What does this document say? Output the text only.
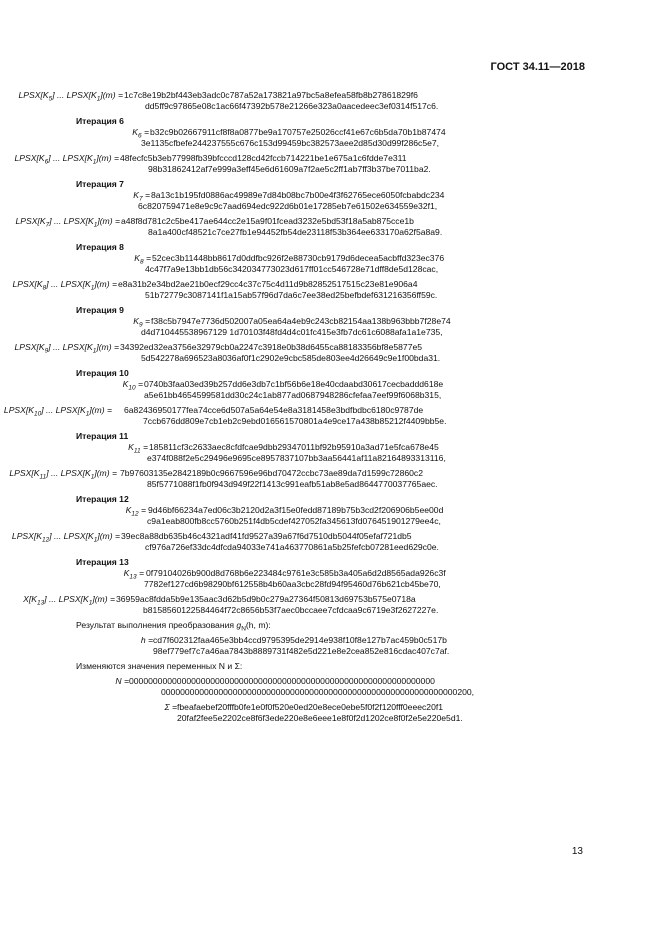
ГОСТ 34.11—2018
$LPSX[K_5]$ ... $LPSX[K_1](m)$ = 1c7c8e19b2bf443eb3adc0c787a52a173821a97bc5a8efea58fb8b27861829f6
dd5ff9c97865e08c1ac66f47392b578e21266e323a0aacedeec3ef0314f517c6.
Итерация 6
$K_6 = b32c9b02667911cf8f8a0877be9a170757e25026ccf41e67c6b5da70b1b87474$
3e1135cfbefe244237555c676c153d99459bc382573aee2d85d30d99f286c5e7,
$LPSX[K_6]$ ... $LPSX[K_1](m)$ = 48fecfc5b3eb77998fb39bfcccd128cd42fccb714221be1e675a1c6fdde7e311
98b31862412af7e999a3eff45e6d61609a7f2ae5c2ff1ab7ff3b37be7011ba2.
Итерация 7
$K_7$ = 8a13c1b195fd0886ac49989e7d84b08bc7b00e4f3f62765ece6050fcbabdc234
6c820759471e8e9c9c7aad694edc922d6b01e17285eb7e61502e634559e32f1,
$LPSX[K_7]$ ... $LPSX[K_1](m)$ = a48f8d781c2c5be417ae644cc2e15a9f01fcead3232e5bd53f18a5ab875cce1b
8a1a400cf48521c7ce27fb1e94452fb54de23118f53b364ee633170a62f5a8a9.
Итерация 8
$K_8$ = 52cec3b11448bb8617d0ddfbc926f2e88730cb9179d6decea5acbffd323ec376
4c47f7a9e13bb1db56c342034773023d617ff01cc546728e71dff8de5d128cac,
$LPSX[K_8]$ ... $LPSX[K_1](m) = e8a31b2e34bd2ae21b0ecf29cc4c37c75c4d11d9b82852517515c23e81e906a4$
51b72779c3087141f1a15ab57f96d7da6c7ee38ed25befbdef631216356ff59c.
Итерация 9
$K_9 = f38c5b7947e7736d502007a05ea64a4eb9c243cb82154aa138b963bbb7f28e74$
d4d710445538967129 1d70103f48fd4d4c01fc415e3fb7dc61c6088afa1a1e735,
$LPSX[K_9]$ ... $LPSX[K_1](m) = 34392ed32ea3756e32979cb0a2247c3918e0b38d6455ca88183356bf8e5877e5$
5d542278a696523a8036af0f1c2902e9cbc585de803ee4d26649c9e1f00bda31.
Итерация 10
$K_{10}$ = 0740b3faa03ed39b257dd6e3db7c1bf56b6e18e40cdaabd30617cecbaddd618e
a5e61bb4654599581dd30c24c1ab877ad0687948286cfefaa7eef99f6068b315,
$LPSX[K_{10}]$ ... $LPSX[K_1](m)$ = 6a82436950177fea74cce6d507a5a64e54e8a3181458e3bdfbdbc6180c9787de
7ccb676dd809e7cb1eb2c9ebd016561570801a4e9ce17a438b85212f4409bb5e.
Итерация 11
$K_{11}$ = 185811cf3c2633aec8cfdfcae9dbb29347011bf92b95910a3ad71e5fca678e45
e374f088f2e5c29496e9695ce8957837107bb3aa56441af11a82164893313116,
$LPSX[K_{11}]$ ... $LPSX[K_1](m)$ = 7b97603135e2842189b0c9667596e96bd70472ccbc73ae89da7d1599c72860c2
85f5771088f1fb0f943d949f22f1413c991eafb51ab8e5ad8644770037765aec.
Итерация 12
$K_{12}$ = 9d46bf66234a7ed06c3b2120d2a3f15e0fedd87189b75b3cd2f206906b5ee00d
c9a1eab800fb8cc5760b251f4db5cdef427052fa345613fd076451901279ee4c,
$LPSX[K_{12}]$ ... $LPSX[K_1](m)$ = 39ec8a88db635b46c4321adf41fd9527a39a67f6d7510db5044f05efaf721db5
cf976a726ef33dc4dfcda94033e741a463770861a5b25fefcb07281eed629c0e.
Итерация 13
$K_{13} = 0f79104026b900d8d768b6e223484c9761e3c585b3a405a6d2d8565ada926c3f$
7782ef127cd6b98290bf612558b4b60aa3cbc28fd94f95460d76b621cb45be70,
$X[K_{13}]$ ... $LPSX[K_1](m)$ = 36959ac8fdda5b9e135aac3d62b5d9b0c279a27364f50813d69753b575e0718a
b8158560122584464f72c8656b53f7aec0bccaee7cfdcaa9c6719e3f2627227e.
Результат выполнения преобразования $g_N(h$, m):
h = cd7f602312faa465e3bb4ccd9795395de2914e938f10f8e127b7ac459b0c517b
98ef779ef7c7a46aa7843b8889731f482e5d221e8e2cea852e816cdac407c7af.
Изменяются значения переменных N и Σ:
N = 0000000000000000000000000000000000000000000000000000000000000000
00000000000000000000000000000000000000000000000000000000000000200,
Σ = fbeafaebef20fffb0fe1e0f0f520e0ed20e8ece0ebe5f0f2f120fff0eeec20f1
20faf2fee5e2202ce8f6f3ede220e8e6eee1e8f0f2d1202ce8f0f2e5e220e5d1.
13
